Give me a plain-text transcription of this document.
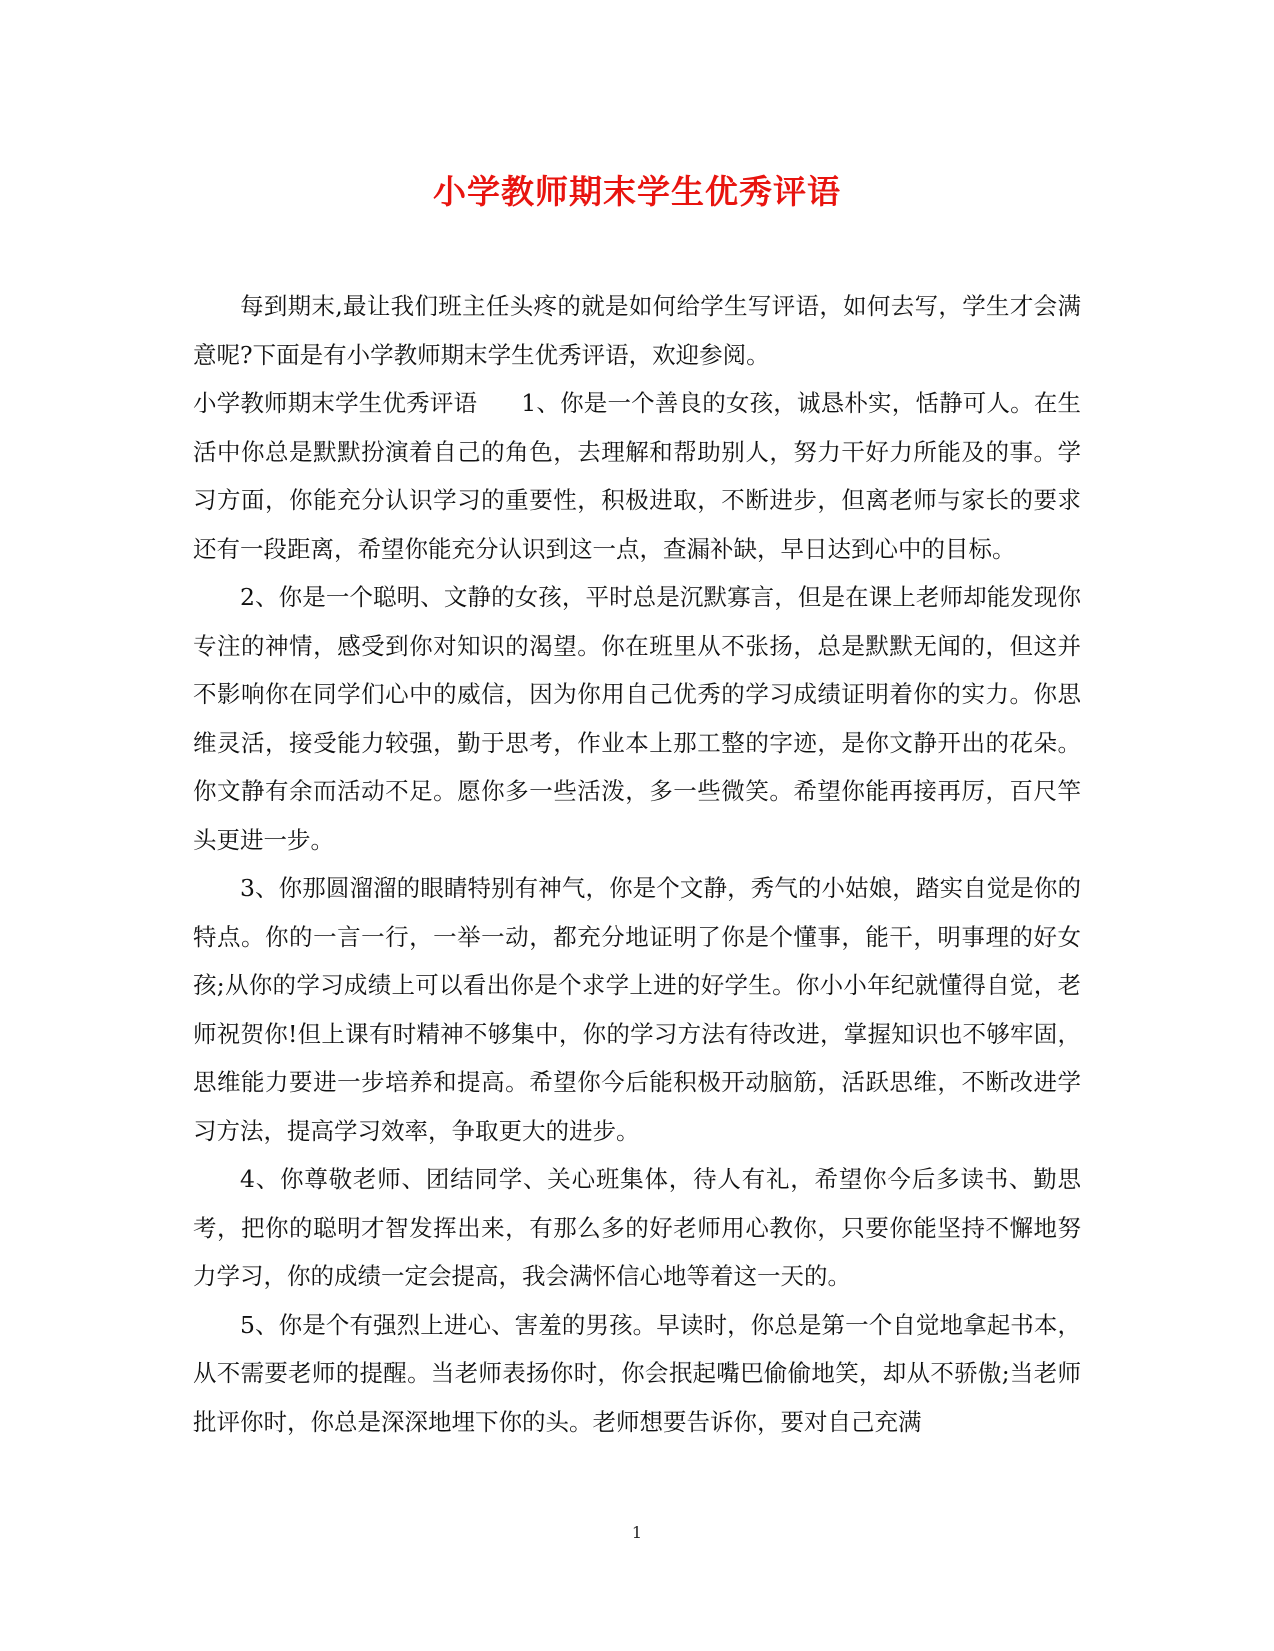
小学教师期末学生优秀评语

每到期末,最让我们班主任头疼的就是如何给学生写评语，如何去写，学生才会满意呢?下面是有小学教师期末学生优秀评语，欢迎参阅。

小学教师期末学生优秀评语 1、你是一个善良的女孩，诚恳朴实，恬静可人。在生活中你总是默默扮演着自己的角色，去理解和帮助别人，努力干好力所能及的事。学习方面，你能充分认识学习的重要性，积极进取，不断进步，但离老师与家长的要求还有一段距离，希望你能充分认识到这一点，查漏补缺，早日达到心中的目标。

2、你是一个聪明、文静的女孩，平时总是沉默寡言，但是在课上老师却能发现你专注的神情，感受到你对知识的渴望。你在班里从不张扬，总是默默无闻的，但这并不影响你在同学们心中的威信，因为你用自己优秀的学习成绩证明着你的实力。你思维灵活，接受能力较强，勤于思考，作业本上那工整的字迹，是你文静开出的花朵。你文静有余而活动不足。愿你多一些活泼，多一些微笑。希望你能再接再厉，百尺竿头更进一步。

3、你那圆溜溜的眼睛特别有神气，你是个文静，秀气的小姑娘，踏实自觉是你的特点。你的一言一行，一举一动，都充分地证明了你是个懂事，能干，明事理的好女孩;从你的学习成绩上可以看出你是个求学上进的好学生。你小小年纪就懂得自觉，老师祝贺你!但上课有时精神不够集中，你的学习方法有待改进，掌握知识也不够牢固，思维能力要进一步培养和提高。希望你今后能积极开动脑筋，活跃思维，不断改进学习方法，提高学习效率，争取更大的进步。

4、你尊敬老师、团结同学、关心班集体，待人有礼，希望你今后多读书、勤思考，把你的聪明才智发挥出来，有那么多的好老师用心教你，只要你能坚持不懈地努力学习，你的成绩一定会提高，我会满怀信心地等着这一天的。

5、你是个有强烈上进心、害羞的男孩。早读时，你总是第一个自觉地拿起书本，从不需要老师的提醒。当老师表扬你时，你会抿起嘴巴偷偷地笑，却从不骄傲;当老师批评你时，你总是深深地埋下你的头。老师想要告诉你，要对自己充满

1
